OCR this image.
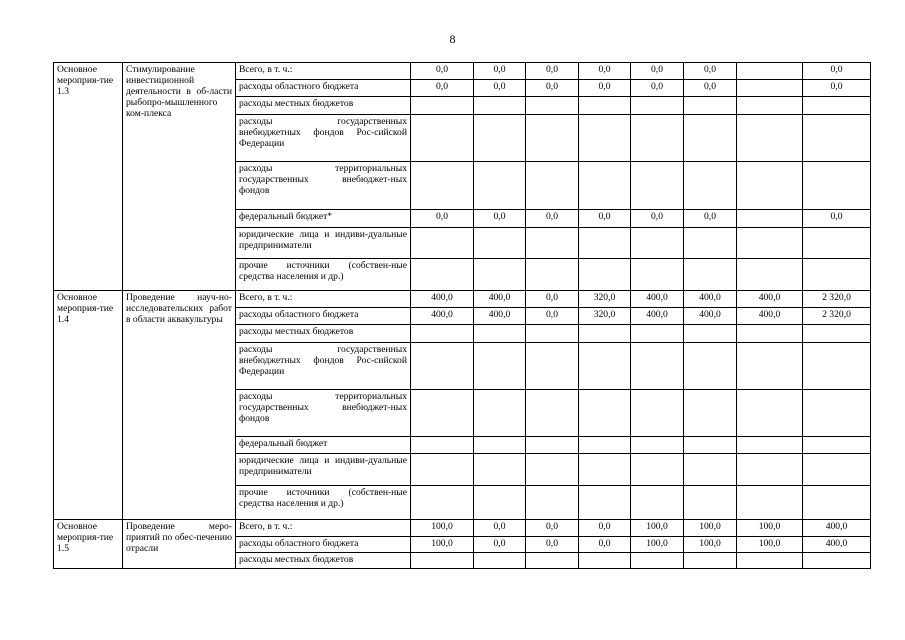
8
Основное мероприя-тие 1.3	Стимулирование инвестиционной деятельности в об-ласти рыбопро-мышленного ком-плекса	Всего, в т. ч.:	0,0	0,0	0,0	0,0	0,0	0,0		0,0
		расходы областного бюджета	0,0	0,0	0,0	0,0	0,0	0,0		0,0
		расходы местных бюджетов								
		расходы государственных внебюджетных фондов Рос-сийской Федерации								
		расходы территориальных государственных внебюджет-ных фондов								
		федеральный бюджет*	0,0	0,0	0,0	0,0	0,0	0,0		0,0
		юридические лица и индиви-дуальные предприниматели								
		прочие источники (собствен-ные средства населения и др.)								
Основное мероприя-тие 1.4	Проведение науч-но-исследовательских работ в области аквакультуры	Всего, в т. ч.:	400,0	400,0	0,0	320,0	400,0	400,0	400,0	2 320,0
		расходы областного бюджета	400,0	400,0	0,0	320,0	400,0	400,0	400,0	2 320,0
		расходы местных бюджетов								
		расходы государственных внебюджетных фондов Рос-сийской Федерации								
		расходы территориальных государственных внебюджет-ных фондов								
		федеральный бюджет								
		юридические лица и индиви-дуальные предприниматели								
		прочие источники (собствен-ные средства населения и др.)								
Основное мероприя-тие 1.5	Проведение меро-приятий по обес-печению отрасли	Всего, в т. ч.:	100,0	0,0	0,0	0,0	100,0	100,0	100,0	400,0
		расходы областного бюджета	100,0	0,0	0,0	0,0	100,0	100,0	100,0	400,0
		расходы местных бюджетов								
